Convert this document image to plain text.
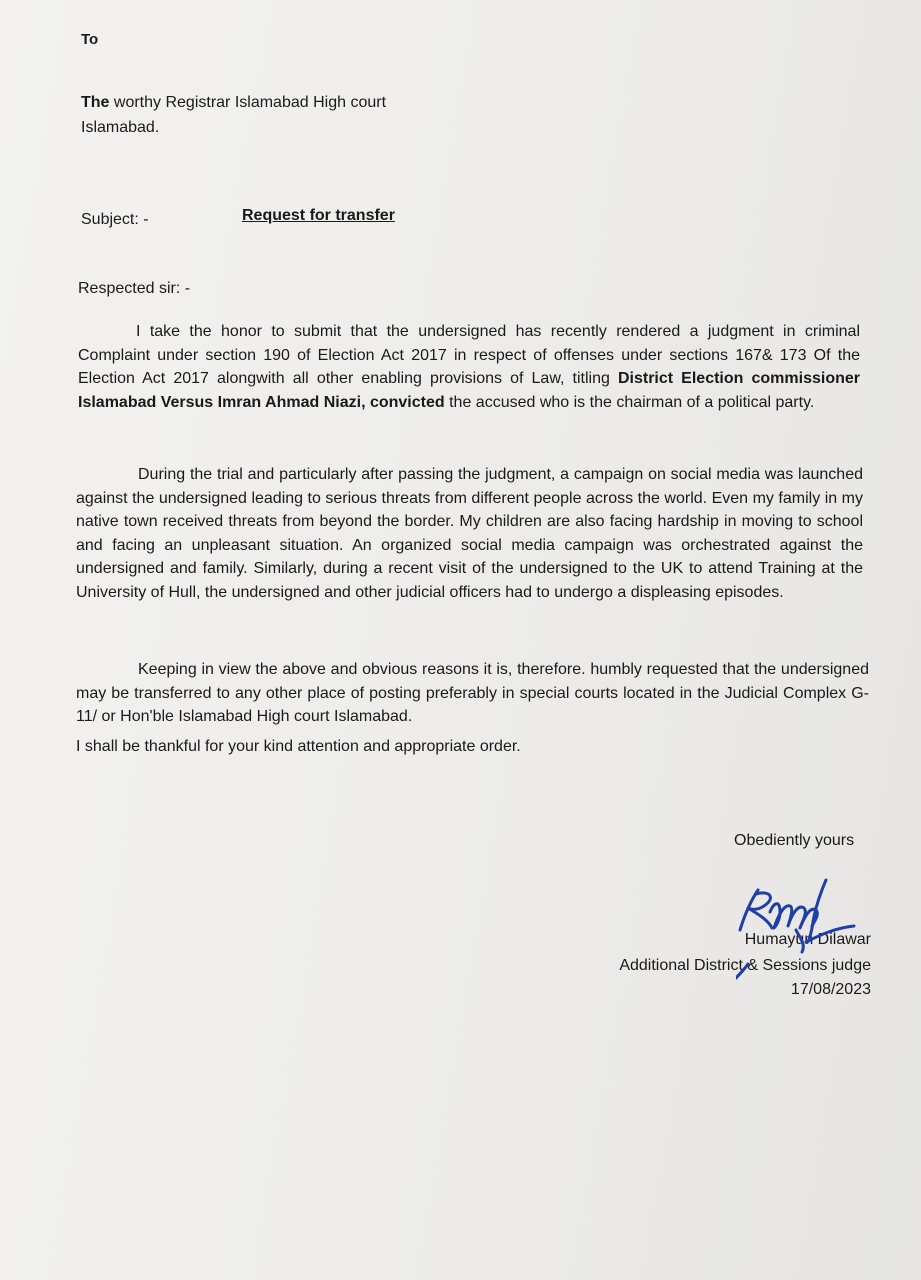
To
The worthy Registrar Islamabad High court
Islamabad.
Subject: -	Request for transfer
Respected sir: -

I take the honor to submit that the undersigned has recently rendered a judgment in criminal Complaint under section 190 of Election Act 2017 in respect of offenses under sections 167& 173 Of the Election Act 2017 alongwith all other enabling provisions of Law, titling District Election commissioner Islamabad Versus Imran Ahmad Niazi, convicted the accused who is the chairman of a political party.

During the trial and particularly after passing the judgment, a campaign on social media was launched against the undersigned leading to serious threats from different people across the world. Even my family in my native town received threats from beyond the border. My children are also facing hardship in moving to school and facing an unpleasant situation. An organized social media campaign was orchestrated against the undersigned and family. Similarly, during a recent visit of the undersigned to the UK to attend Training at the University of Hull, the undersigned and other judicial officers had to undergo a displeasing episodes.

Keeping in view the above and obvious reasons it is, therefore. humbly requested that the undersigned may be transferred to any other place of posting preferably in special courts located in the Judicial Complex G-11/ or Hon'ble Islamabad High court Islamabad.

I shall be thankful for your kind attention and appropriate order.

Obediently yours
Humayun Dilawar
Additional District & Sessions judge
17/08/2023
